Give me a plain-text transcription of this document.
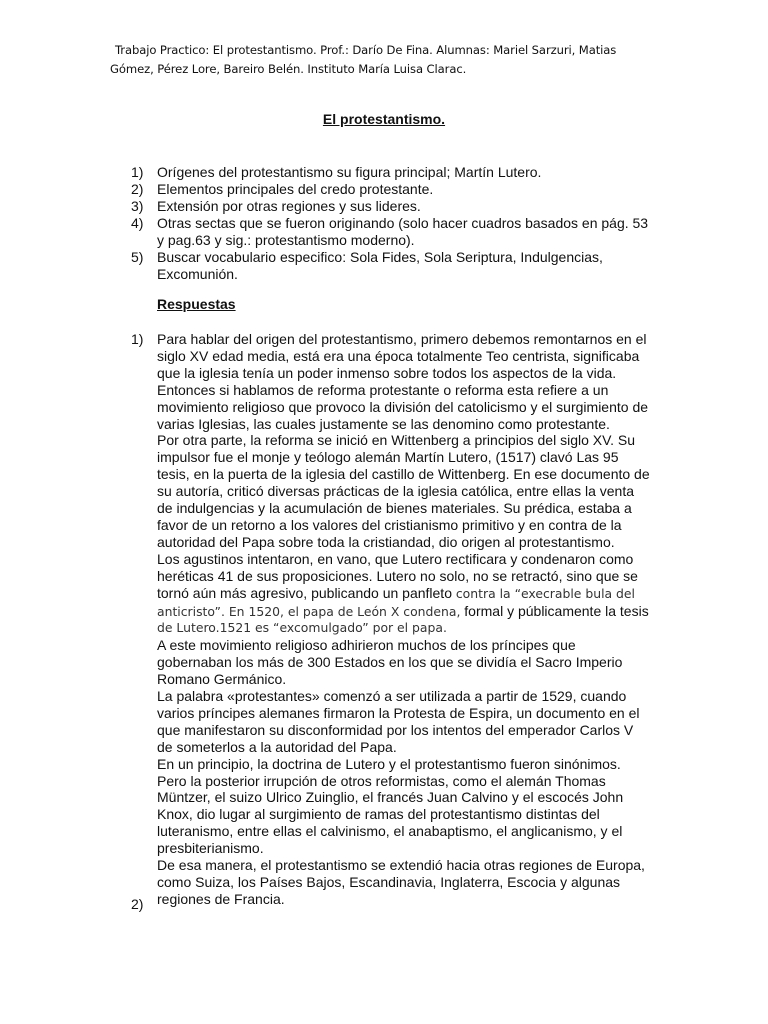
Trabajo Practico: El protestantismo. Prof.: Darío De Fina. Alumnas: Mariel Sarzuri, Matias
Gómez, Pérez Lore, Bareiro Belén. Instituto María Luisa Clarac.
El protestantismo.
1) Orígenes del protestantismo su figura principal; Martín Lutero.
2) Elementos principales del credo protestante.
3) Extensión por otras regiones y sus lideres.
4) Otras sectas que se fueron originando (solo hacer cuadros basados en pág. 53
y pag.63 y sig.: protestantismo moderno).
5) Buscar vocabulario especifico: Sola Fides, Sola Seriptura, Indulgencias,
Excomunión.
Respuestas
1) Para hablar del origen del protestantismo, primero debemos remontarnos en el
siglo XV edad media, está era una época totalmente Teo centrista, significaba
que la iglesia tenía un poder inmenso sobre todos los aspectos de la vida.
Entonces si hablamos de reforma protestante o reforma esta refiere a un
movimiento religioso que provoco la división del catolicismo y el surgimiento de
varias Iglesias, las cuales justamente se las denomino como protestante.
Por otra parte, la reforma se inició en Wittenberg a principios del siglo XV. Su
impulsor fue el monje y teólogo alemán Martín Lutero, (1517) clavó Las 95
tesis, en la puerta de la iglesia del castillo de Wittenberg. En ese documento de
su autoría, criticó diversas prácticas de la iglesia católica, entre ellas la venta
de indulgencias y la acumulación de bienes materiales. Su prédica, estaba a
favor de un retorno a los valores del cristianismo primitivo y en contra de la
autoridad del Papa sobre toda la cristiandad, dio origen al protestantismo.
Los agustinos intentaron, en vano, que Lutero rectificara y condenaron como
heréticas 41 de sus proposiciones. Lutero no solo, no se retractó, sino que se
tornó aún más agresivo, publicando un panfleto contra la “execrable bula del
anticristo”. En 1520, el papa de León X condena, formal y públicamente la tesis
de Lutero.1521 es “excomulgado” por el papa.
A este movimiento religioso adhirieron muchos de los príncipes que
gobernaban los más de 300 Estados en los que se dividía el Sacro Imperio
Romano Germánico.
La palabra «protestantes» comenzó a ser utilizada a partir de 1529, cuando
varios príncipes alemanes firmaron la Protesta de Espira, un documento en el
que manifestaron su disconformidad por los intentos del emperador Carlos V
de someterlos a la autoridad del Papa.
En un principio, la doctrina de Lutero y el protestantismo fueron sinónimos.
Pero la posterior irrupción de otros reformistas, como el alemán Thomas
Müntzer, el suizo Ulrico Zuinglio, el francés Juan Calvino y el escocés John
Knox, dio lugar al surgimiento de ramas del protestantismo distintas del
luteranismo, entre ellas el calvinismo, el anabaptismo, el anglicanismo, y el
presbiterianismo.
De esa manera, el protestantismo se extendió hacia otras regiones de Europa,
como Suiza, los Países Bajos, Escandinavia, Inglaterra, Escocia y algunas
regiones de Francia.
2)
